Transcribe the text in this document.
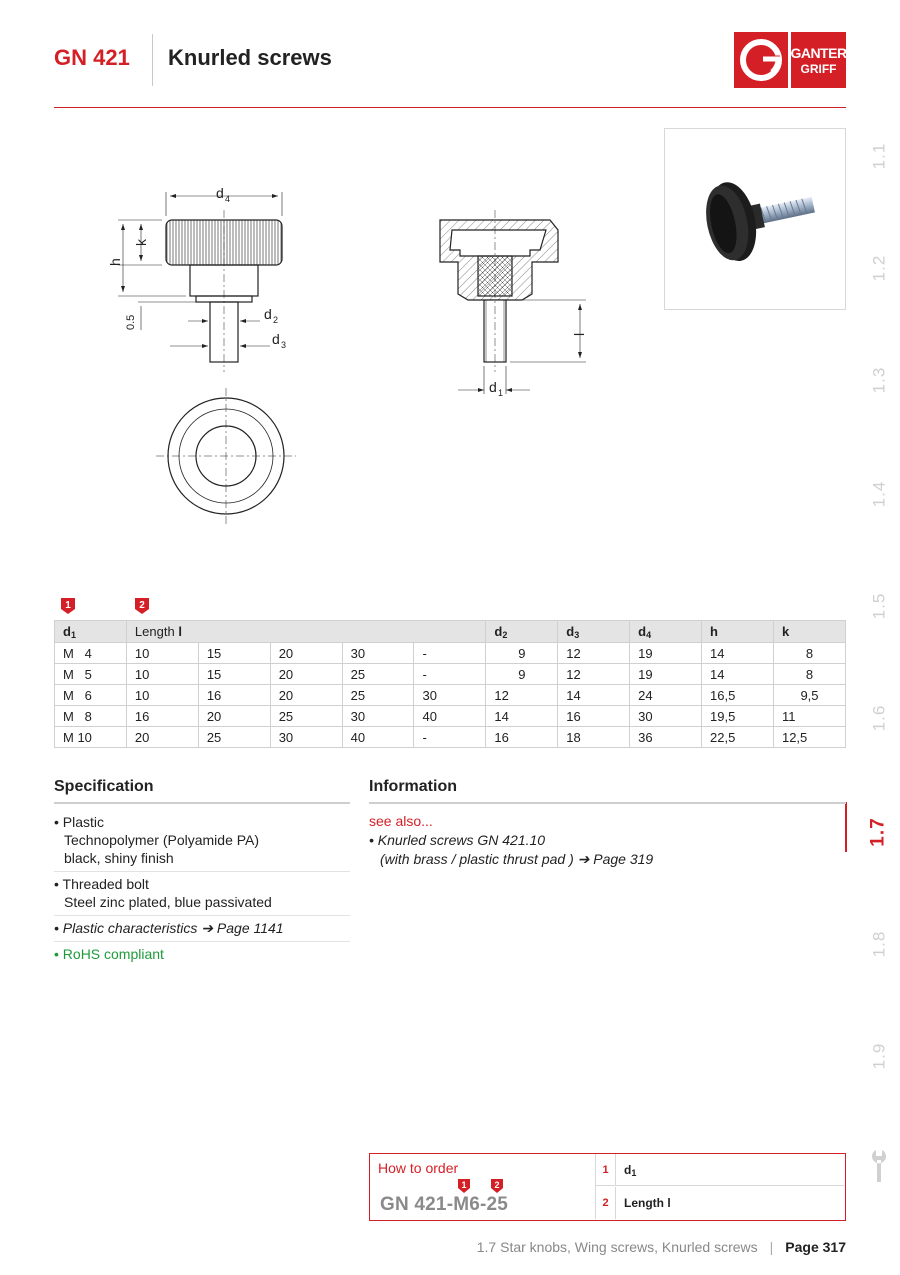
GN 421 Knurled screws	GANTER
GRIFF
d 4
k
h
0.5
d 2
d 3
l
d 1
1.1
1.2
1.3
1.4
1.5
1.6
1.7
1.8
1.9
1	2
$d_1$	Length l					$d_2$	$d_3$	$d_4$	h	k
M   4	10	15	20	30	-	9	12	19	14	8
M   5	10	15	20	25	-	9	12	19	14	8
M   6	10	16	20	25	30	12	14	24	16,5	9,5
M   8	16	20	25	30	40	14	16	30	19,5	11
M 10	20	25	30	40	-	16	18	36	22,5	12,5
Specification
• Plastic
Technopolymer (Polyamide PA)
black, shiny finish
• Threaded bolt
Steel zinc plated, blue passivated
• Plastic characteristics ➔ Page 1141
• RoHS compliant
Information
see also...
• Knurled screws GN 421.10
(with brass / plastic thrust pad ) ➔ Page 319
How to order
1	2
GN 421-M6-25
1	$d_1$
2	Length l
1.7 Star knobs, Wing screws, Knurled screws | Page 317
